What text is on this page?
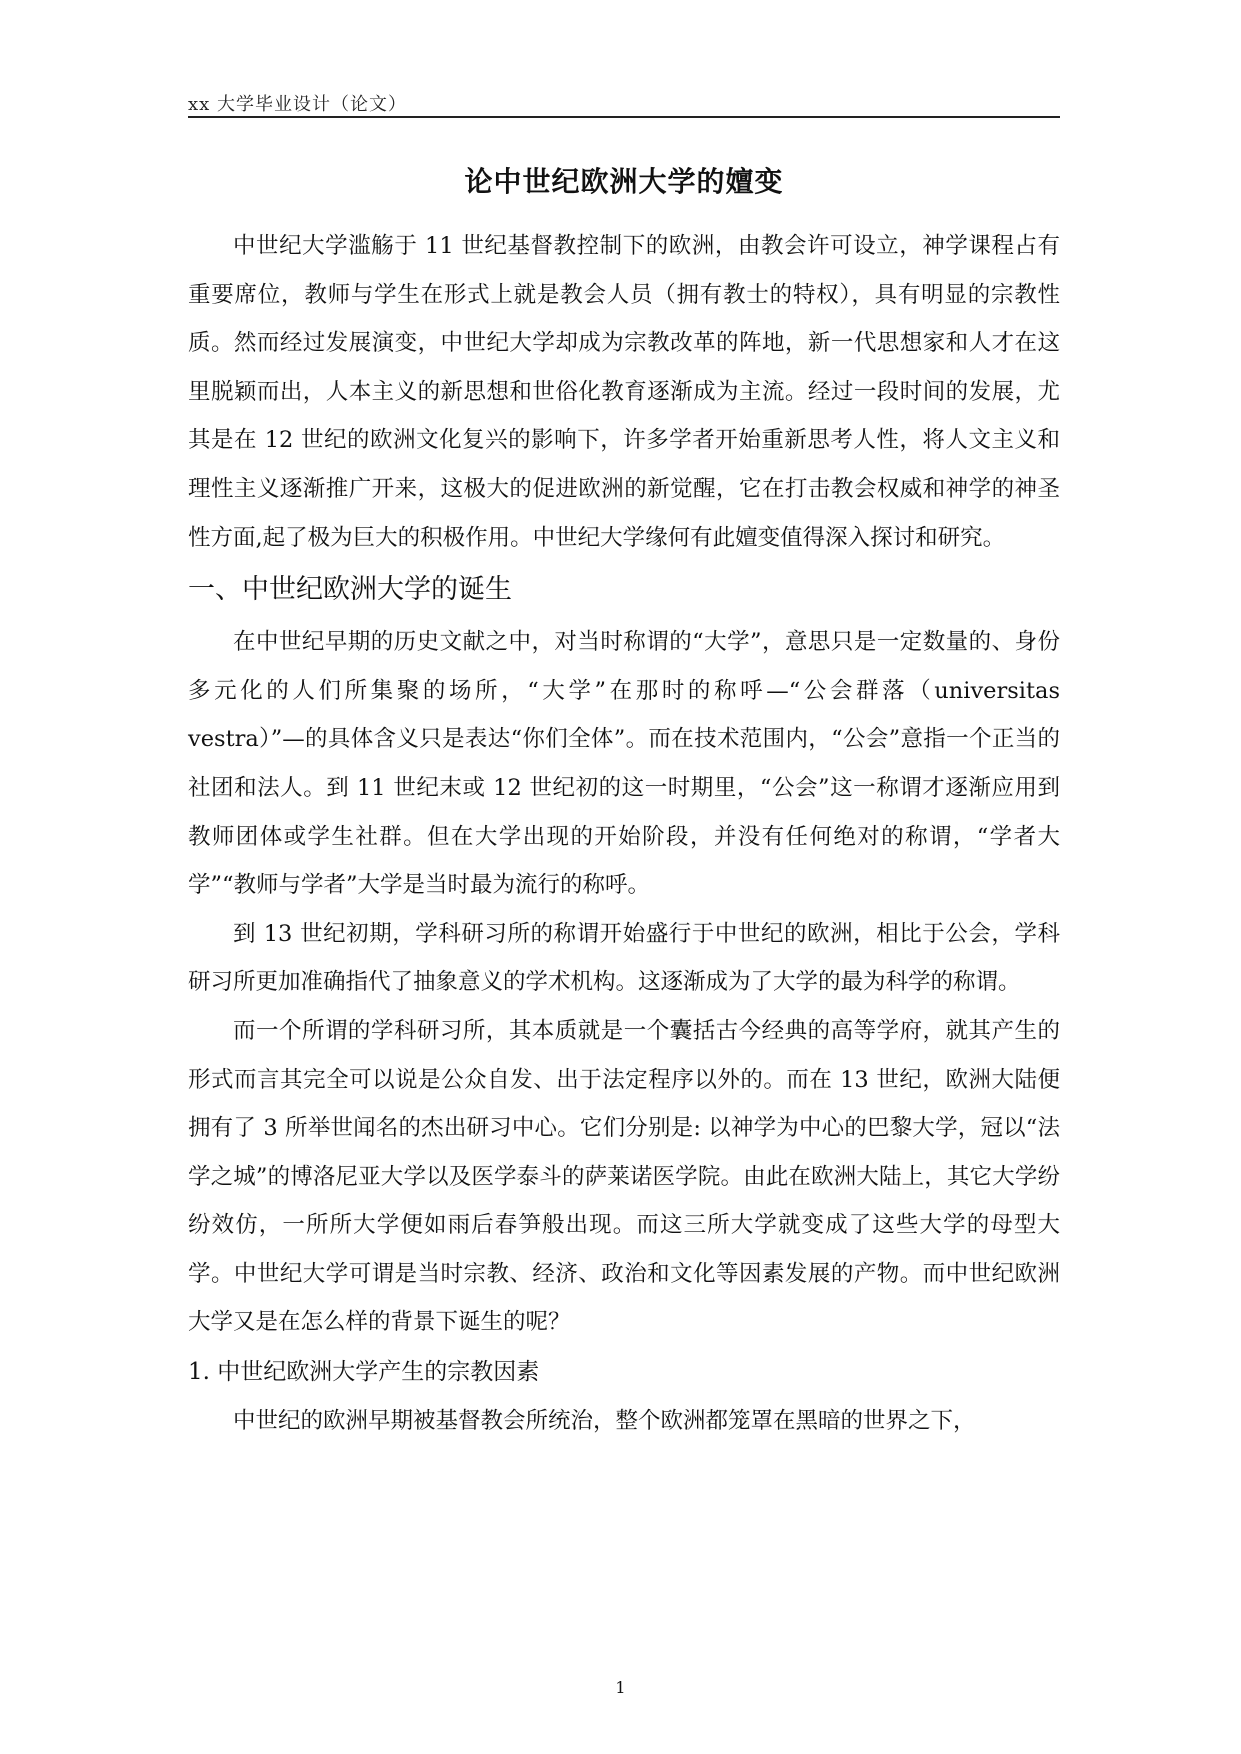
xx 大学毕业设计（论文）
论中世纪欧洲大学的嬗变

中世纪大学滥觞于 11 世纪基督教控制下的欧洲，由教会许可设立，神学课程占有重要席位，教师与学生在形式上就是教会人员（拥有教士的特权），具有明显的宗教性质。然而经过发展演变，中世纪大学却成为宗教改革的阵地，新一代思想家和人才在这里脱颖而出，人本主义的新思想和世俗化教育逐渐成为主流。经过一段时间的发展，尤其是在 12 世纪的欧洲文化复兴的影响下，许多学者开始重新思考人性，将人文主义和理性主义逐渐推广开来，这极大的促进欧洲的新觉醒，它在打击教会权威和神学的神圣性方面,起了极为巨大的积极作用。中世纪大学缘何有此嬗变值得深入探讨和研究。

一、中世纪欧洲大学的诞生

在中世纪早期的历史文献之中，对当时称谓的“大学”，意思只是一定数量的、身份多元化的人们所集聚的场所，“大学”在那时的称呼—“公会群落（universitas vestra）”—的具体含义只是表达“你们全体”。而在技术范围内，“公会”意指一个正当的社团和法人。到 11 世纪末或 12 世纪初的这一时期里，“公会”这一称谓才逐渐应用到教师团体或学生社群。但在大学出现的开始阶段，并没有任何绝对的称谓，“学者大学”“教师与学者”大学是当时最为流行的称呼。

到 13 世纪初期，学科研习所的称谓开始盛行于中世纪的欧洲，相比于公会，学科研习所更加准确指代了抽象意义的学术机构。这逐渐成为了大学的最为科学的称谓。

而一个所谓的学科研习所，其本质就是一个囊括古今经典的高等学府，就其产生的形式而言其完全可以说是公众自发、出于法定程序以外的。而在 13 世纪，欧洲大陆便拥有了 3 所举世闻名的杰出研习中心。它们分别是: 以神学为中心的巴黎大学，冠以“法学之城”的博洛尼亚大学以及医学泰斗的萨莱诺医学院。由此在欧洲大陆上，其它大学纷纷效仿，一所所大学便如雨后春笋般出现。而这三所大学就变成了这些大学的母型大学。中世纪大学可谓是当时宗教、经济、政治和文化等因素发展的产物。而中世纪欧洲大学又是在怎么样的背景下诞生的呢？

1. 中世纪欧洲大学产生的宗教因素

中世纪的欧洲早期被基督教会所统治，整个欧洲都笼罩在黑暗的世界之下，

1
